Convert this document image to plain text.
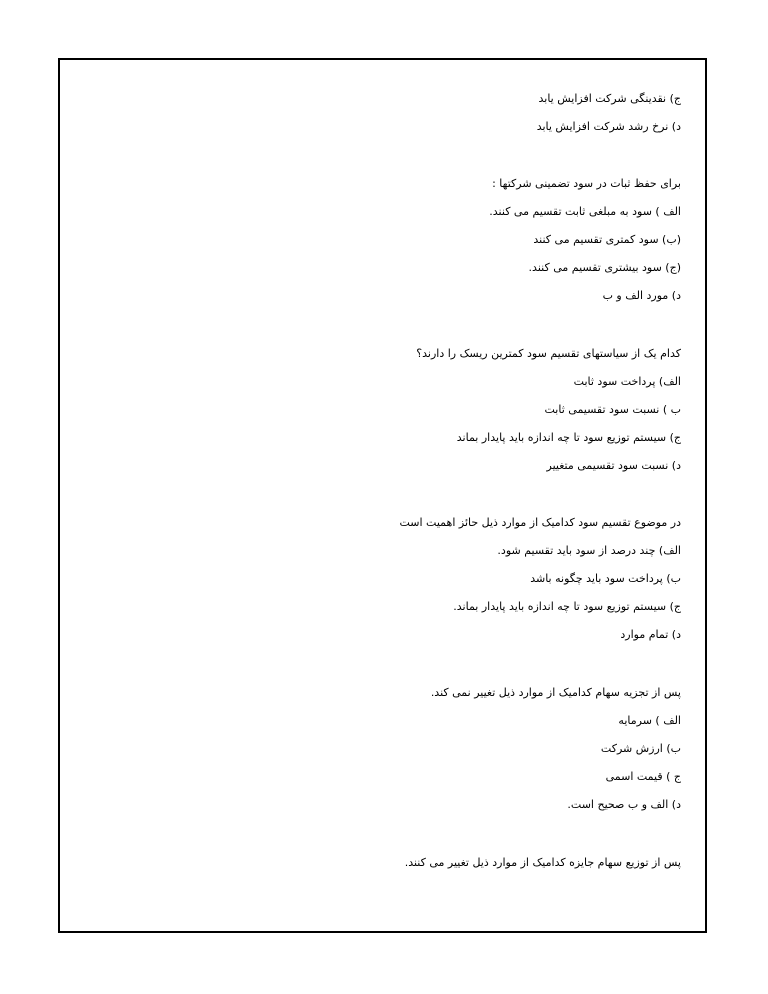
ج) نقدینگی شرکت افزایش یابد
د) نرخ رشد شرکت افزایش یابد
برای حفظ ثبات در سود تضمینی شرکتها :
الف ) سود به مبلغی ثابت تقسیم می کنند.
(ب) سود کمتری تقسیم می کنند
(ج) سود بیشتری تقسیم می کنند.
د) مورد الف و ب
کدام یک از سیاستهای تقسیم سود کمترین ریسک را دارند؟
الف) پرداخت سود ثابت
ب ) نسبت سود تقسیمی ثابت
ج) سیستم توزیع سود تا چه اندازه باید پایدار بماند
د) نسبت سود تقسیمی متغییر
در موضوع تقسیم سود کدامیک از موارد ذیل حائز اهمیت است
الف) چند درصد از سود باید تقسیم شود.
ب) پرداخت سود باید چگونه باشد
ج) سیستم توزیع سود تا چه اندازه باید پایدار بماند.
د) تمام موارد
پس از تجزیه سهام کدامیک از موارد ذیل تغییر نمی کند.
الف ) سرمایه
ب) ارزش شرکت
ج ) قیمت اسمی
د) الف و ب صحیح است.
پس از توزیع سهام جایزه کدامیک از موارد ذیل تغییر می کنند.
